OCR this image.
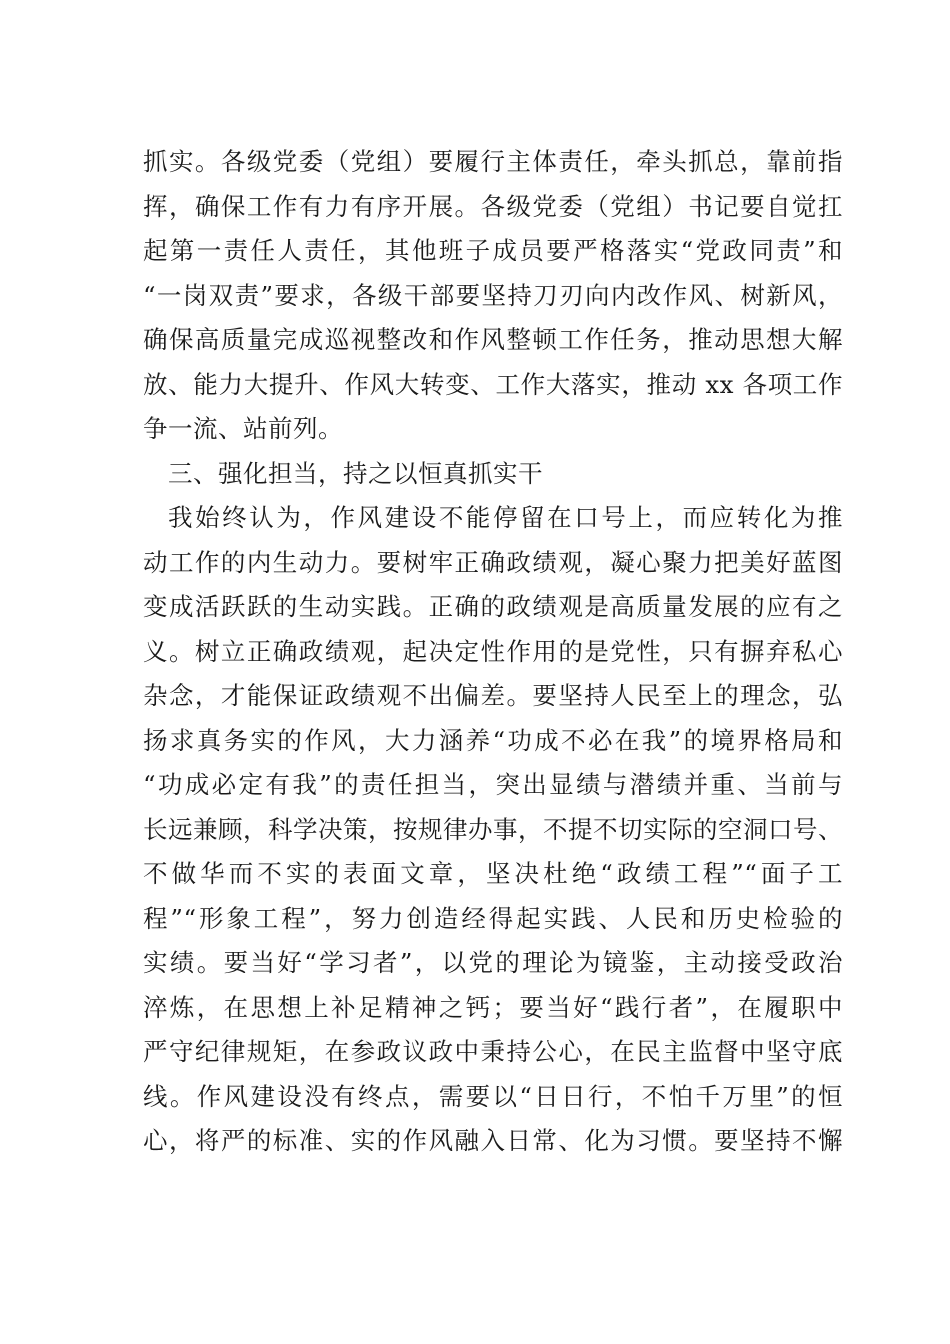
抓实。各级党委（党组）要履行主体责任，牵头抓总，靠前指
挥，确保工作有力有序开展。各级党委（党组）书记要自觉扛
起第一责任人责任，其他班子成员要严格落实“党政同责”和
“一岗双责”要求，各级干部要坚持刀刃向内改作风、树新风，
确保高质量完成巡视整改和作风整顿工作任务，推动思想大解
放、能力大提升、作风大转变、工作大落实，推动 xx 各项工作
争一流、站前列。
三、强化担当，持之以恒真抓实干
我始终认为，作风建设不能停留在口号上，而应转化为推
动工作的内生动力。要树牢正确政绩观，凝心聚力把美好蓝图
变成活跃跃的生动实践。正确的政绩观是高质量发展的应有之
义。树立正确政绩观，起决定性作用的是党性，只有摒弃私心
杂念，才能保证政绩观不出偏差。要坚持人民至上的理念，弘
扬求真务实的作风，大力涵养“功成不必在我”的境界格局和
“功成必定有我”的责任担当，突出显绩与潜绩并重、当前与
长远兼顾，科学决策，按规律办事，不提不切实际的空洞口号、
不做华而不实的表面文章，坚决杜绝“政绩工程”“面子工
程”“形象工程”，努力创造经得起实践、人民和历史检验的
实绩。要当好“学习者”，以党的理论为镜鉴，主动接受政治
淬炼，在思想上补足精神之钙；要当好“践行者”，在履职中
严守纪律规矩，在参政议政中秉持公心，在民主监督中坚守底
线。作风建设没有终点，需要以“日日行，不怕千万里”的恒
心，将严的标准、实的作风融入日常、化为习惯。要坚持不懈
